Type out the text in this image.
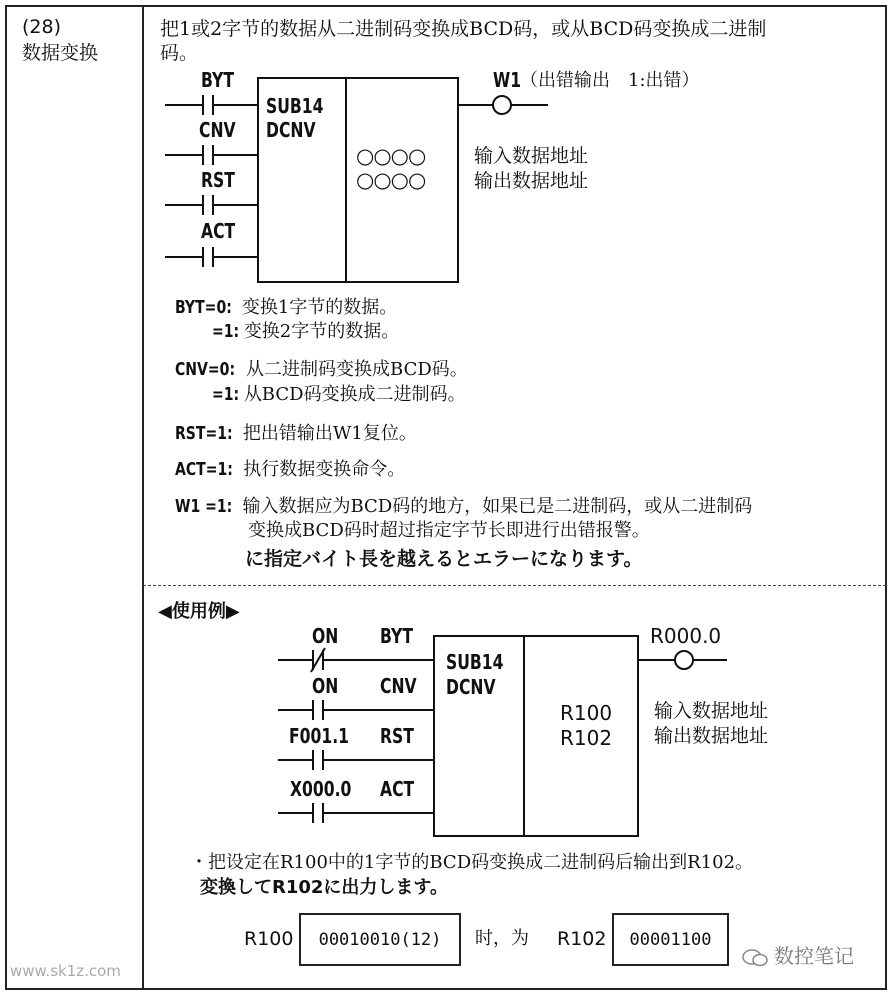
(28)
数据变换
把1或2字节的数据从二进制码变换成BCD码，或从BCD码变换成二进制
码。
BYT
CNV
RST
ACT
SUB14
DCNV
○○○○
○○○○
输入数据地址
输出数据地址
W1
（出错输出　1:出错）
BYT=0: 变换1字节的数据。
=1: 变换2字节的数据。
CNV=0: 从二进制码变换成BCD码。
=1: 从BCD码变换成二进制码。
RST=1: 把出错输出W1复位。
ACT=1: 执行数据变换命令。
W1 =1: 输入数据应为BCD码的地方，如果已是二进制码，或从二进制码
变换成BCD码时超过指定字节长即进行出错报警。
に指定バイト長を越えるとエラーになります。
◀使用例▶
ON
ON
F001.1
X000.0
BYT
CNV
RST
ACT
SUB14
DCNV
R100
R102
输入数据地址
输出数据地址
R000.0
・把设定在R100中的1字节的BCD码变换成二进制码后输出到R102。
変換してR102に出力します。
R100 00010010(12) 时，为 R102 00001100
www.sk1z.com
数控笔记
